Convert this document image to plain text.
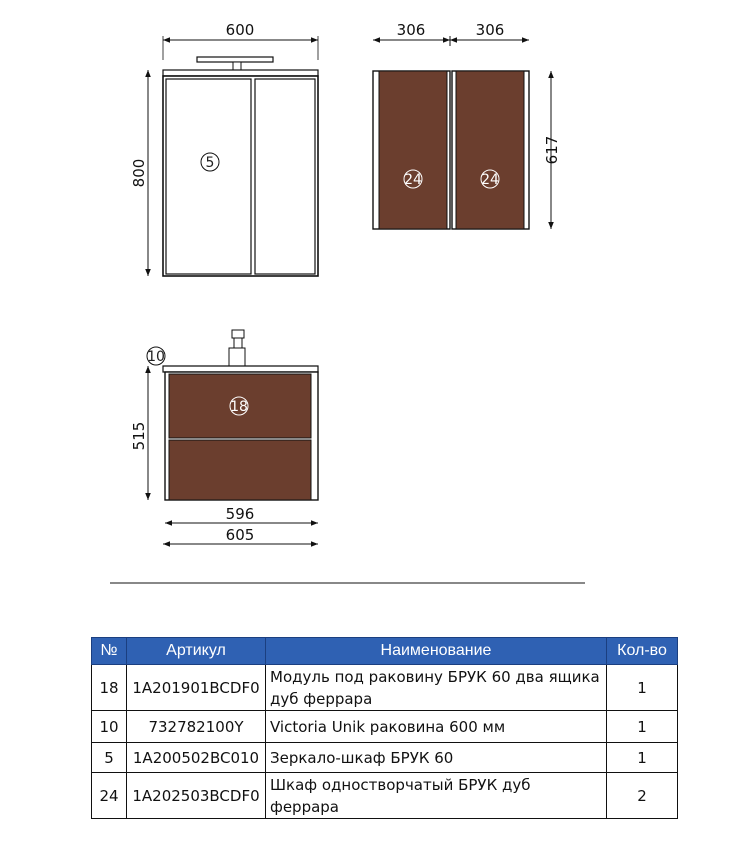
5
600
800	24	24
306	306
617
18
10
515
596
605
№	Артикул	Наименование	Кол-во
18	1A201901BCDF0	Модуль под раковину БРУК 60 два ящика дуб феррара	1
10	732782100Y	Victoria Unik раковина 600 мм	1
5	1A200502BC010	Зеркало-шкаф БРУК 60	1
24	1A202503BCDF0	Шкаф одностворчатый БРУК дуб феррара	2
